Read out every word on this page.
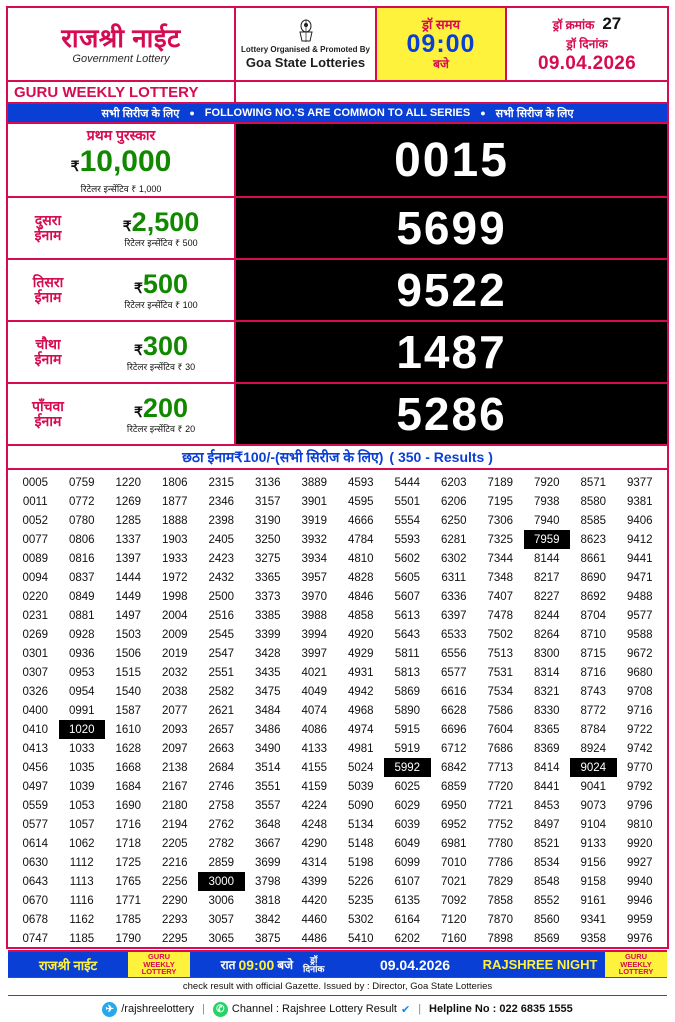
राजश्री नाईट
Government Lottery
Lottery Organised & Promoted By
Goa State Lotteries
ड्रॉ समय
09:00
बजे
ड्रॉ क्रमांक 27
ड्रॉ दिनांक
09.04.2026
GURU WEEKLY LOTTERY
सभी सिरीज के लिए ● FOLLOWING NO.'S ARE COMMON TO ALL SERIES ● सभी सिरीज के लिए
प्रथम पुरस्कार
₹10,000
रिटेलर इन्सेंटिव ₹ 1,000
0015
दुसरा
ईनाम
₹2,500
रिटेलर इन्सेंटिव ₹ 500	5699
तिसरा
ईनाम
₹500
रिटेलर इन्सेंटिव ₹ 100	9522
चौथा
ईनाम
₹300
रिटेलर इन्सेंटिव ₹ 30	1487
पाँचवा
ईनाम
₹200
रिटेलर इन्सेंटिव ₹ 20	5286
छठा ईनाम ₹100/- (सभी सिरीज के लिए) ( 350 - Results )
0005	0759	1220	1806	2315	3136	3889	4593	5444	6203	7189	7920	8571	9377
0011	0772	1269	1877	2346	3157	3901	4595	5501	6206	7195	7938	8580	9381
0052	0780	1285	1888	2398	3190	3919	4666	5554	6250	7306	7940	8585	9406
0077	0806	1337	1903	2405	3250	3932	4784	5593	6281	7325	7959	8623	9412
0089	0816	1397	1933	2423	3275	3934	4810	5602	6302	7344	8144	8661	9441
0094	0837	1444	1972	2432	3365	3957	4828	5605	6311	7348	8217	8690	9471
0220	0849	1449	1998	2500	3373	3970	4846	5607	6336	7407	8227	8692	9488
0231	0881	1497	2004	2516	3385	3988	4858	5613	6397	7478	8244	8704	9577
0269	0928	1503	2009	2545	3399	3994	4920	5643	6533	7502	8264	8710	9588
0301	0936	1506	2019	2547	3428	3997	4929	5811	6556	7513	8300	8715	9672
0307	0953	1515	2032	2551	3435	4021	4931	5813	6577	7531	8314	8716	9680
0326	0954	1540	2038	2582	3475	4049	4942	5869	6616	7534	8321	8743	9708
0400	0991	1587	2077	2621	3484	4074	4968	5890	6628	7586	8330	8772	9716
0410	1020	1610	2093	2657	3486	4086	4974	5915	6696	7604	8365	8784	9722
0413	1033	1628	2097	2663	3490	4133	4981	5919	6712	7686	8369	8924	9742
0456	1035	1668	2138	2684	3514	4155	5024	5992	6842	7713	8414	9024	9770
0497	1039	1684	2167	2746	3551	4159	5039	6025	6859	7720	8441	9041	9792
0559	1053	1690	2180	2758	3557	4224	5090	6029	6950	7721	8453	9073	9796
0577	1057	1716	2194	2762	3648	4248	5134	6039	6952	7752	8497	9104	9810
0614	1062	1718	2205	2782	3667	4290	5148	6049	6981	7780	8521	9133	9920
0630	1112	1725	2216	2859	3699	4314	5198	6099	7010	7786	8534	9156	9927
0643	1113	1765	2256	3000	3798	4399	5226	6107	7021	7829	8548	9158	9940
0670	1116	1771	2290	3006	3818	4420	5235	6135	7092	7858	8552	9161	9946
0678	1162	1785	2293	3057	3842	4460	5302	6164	7120	7870	8560	9341	9959
0747	1185	1790	2295	3065	3875	4486	5410	6202	7160	7898	8569	9358	9976
राजश्री नाईट
GURU
WEEKLY
LOTTERY	रात 09:00 बजे	ड्रॉ
दिनांक	09.04.2026	RAJSHREE NIGHT
GURU
WEEKLY
LOTTERY
check result with official Gazette. Issued by : Director, Goa State Lotteries
✈ /rajshreelottery |	✆ Channel : Rajshree Lottery Result ✔ | Helpline No : 022 6835 1555
